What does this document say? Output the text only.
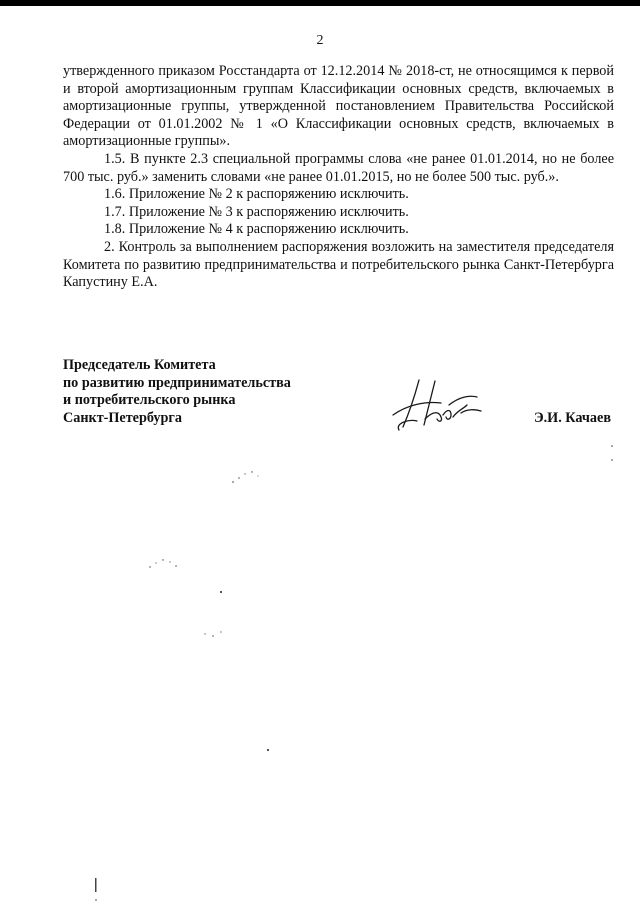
2

утвержденного приказом Росстандарта от 12.12.2014 № 2018-ст, не относящимся к первой и второй амортизационным группам Классификации основных средств, включаемых в амортизационные группы, утвержденной постановлением Правительства Российской Федерации от 01.01.2002 № 1 «О Классификации основных средств, включаемых в амортизационные группы».

1.5. В пункте 2.3 специальной программы слова «не ранее 01.01.2014, но не более 700 тыс. руб.» заменить словами «не ранее 01.01.2015, но не более 500 тыс. руб.».

1.6. Приложение № 2 к распоряжению исключить.

1.7. Приложение № 3 к распоряжению исключить.

1.8. Приложение № 4 к распоряжению исключить.

2. Контроль за выполнением распоряжения возложить на заместителя председателя Комитета по развитию предпринимательства и потребительского рынка Санкт-Петербурга Капустину Е.А.

Председатель Комитета
по развитию предпринимательства
и потребительского рынка
Санкт-Петербурга	Э.И. Качаев
